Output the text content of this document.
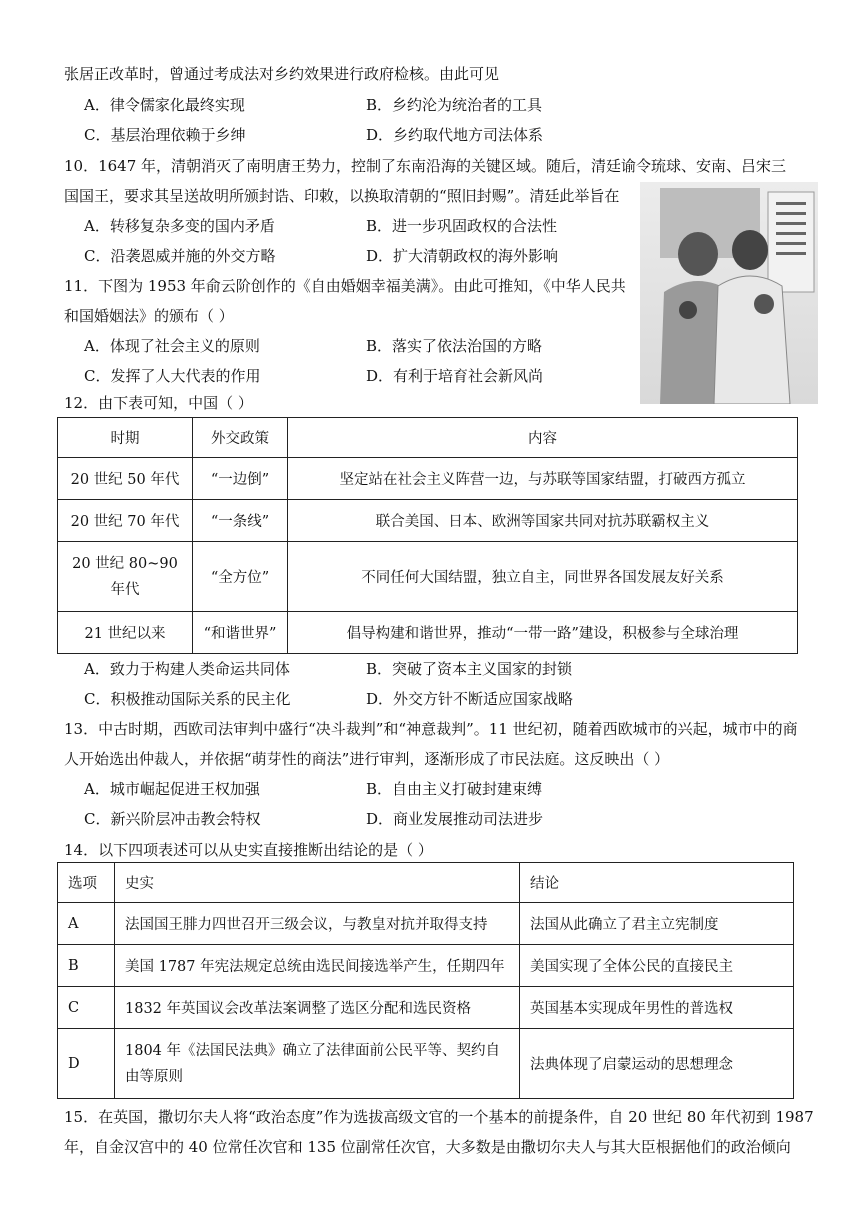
张居正改革时，曾通过考成法对乡约效果进行政府检核。由此可见
A．律令儒家化最终实现	B．乡约沦为统治者的工具
C．基层治理依赖于乡绅	D．乡约取代地方司法体系
10．1647 年，清朝消灭了南明唐王势力，控制了东南沿海的关键区域。随后，清廷谕令琉球、安南、吕宋三
国国王，要求其呈送故明所颁封诰、印敕，以换取清朝的“照旧封赐”。清廷此举旨在
A．转移复杂多变的国内矛盾	B．进一步巩固政权的合法性
C．沿袭恩威并施的外交方略	D．扩大清朝政权的海外影响
11．下图为 1953 年俞云阶创作的《自由婚姻幸福美满》。由此可推知，《中华人民共
和国婚姻法》的颁布（ ）
A．体现了社会主义的原则	B．落实了依法治国的方略
C．发挥了人大代表的作用	D．有利于培育社会新风尚
12．由下表可知，中国（ ）
时期	外交政策	内容
20 世纪 50 年代	“一边倒”	坚定站在社会主义阵营一边，与苏联等国家结盟，打破西方孤立
20 世纪 70 年代	“一条线”	联合美国、日本、欧洲等国家共同对抗苏联霸权主义
20 世纪 80~90 年代	“全方位”	不同任何大国结盟，独立自主，同世界各国发展友好关系
21 世纪以来	“和谐世界”	倡导构建和谐世界，推动“一带一路”建设，积极参与全球治理
A．致力于构建人类命运共同体	B．突破了资本主义国家的封锁
C．积极推动国际关系的民主化	D．外交方针不断适应国家战略
13．中古时期，西欧司法审判中盛行“决斗裁判”和“神意裁判”。11 世纪初，随着西欧城市的兴起，城市中的商
人开始选出仲裁人，并依据“萌芽性的商法”进行审判，逐渐形成了市民法庭。这反映出（ ）
A．城市崛起促进王权加强	B．自由主义打破封建束缚
C．新兴阶层冲击教会特权	D．商业发展推动司法进步
14．以下四项表述可以从史实直接推断出结论的是（ ）
选项	史实	结论
A	法国国王腓力四世召开三级会议，与教皇对抗并取得支持	法国从此确立了君主立宪制度
B	美国 1787 年宪法规定总统由选民间接选举产生，任期四年	美国实现了全体公民的直接民主
C	1832 年英国议会改革法案调整了选区分配和选民资格	英国基本实现成年男性的普选权
D	1804 年《法国民法典》确立了法律面前公民平等、契约自由等原则	法典体现了启蒙运动的思想理念
15．在英国，撒切尔夫人将“政治态度”作为选拔高级文官的一个基本的前提条件，自 20 世纪 80 年代初到 1987
年，自金汉宫中的 40 位常任次官和 135 位副常任次官，大多数是由撒切尔夫人与其大臣根据他们的政治倾向
